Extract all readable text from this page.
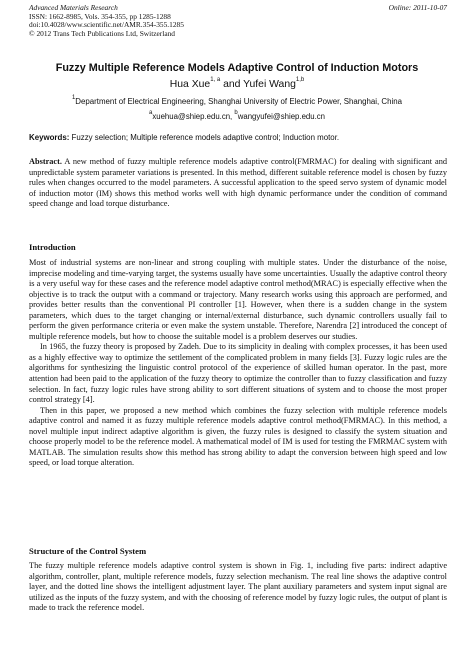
Advanced Materials Research
ISSN: 1662-8985, Vols. 354-355, pp 1285-1288
doi:10.4028/www.scientific.net/AMR.354-355.1285
© 2012 Trans Tech Publications Ltd, Switzerland
Online: 2011-10-07
Fuzzy Multiple Reference Models Adaptive Control of Induction Motors
Hua Xue$^{1, a}$ and Yufei Wang$^{1,b}$
$^1$Department of Electrical Engineering, Shanghai University of Electric Power, Shanghai, China
$^a$xuehua@shiep.edu.cn, $^b$wangyufei@shiep.edu.cn
Keywords: Fuzzy selection; Multiple reference models adaptive control; Induction motor.

Abstract. A new method of fuzzy multiple reference models adaptive control(FMRMAC) for dealing with significant and unpredictable system parameter variations is presented. In this method, different suitable reference model is chosen by fuzzy rules when changes occurred to the model parameters. A successful application to the speed servo system of dynamic model of induction motor (IM) shows this method works well with high dynamic performance under the condition of command speed change and load torque disturbance.

Introduction

Most of industrial systems are non-linear and strong coupling with multiple states. Under the disturbance of the noise, imprecise modeling and time-varying target, the systems usually have some uncertainties. Usually the adaptive control theory is a very useful way for these cases and the reference model adaptive control method(MRAC) is especially effective when the objective is to track the output with a command or trajectory. Many research works using this approach are performed, and provides better results than the conventional PI controller [1]. However, when there is a sudden change in the system parameters, which dues to the target changing or internal/external disturbance, such dynamic controllers usually fail to perform the given performance criteria or even make the system unstable. Therefore, Narendra [2] introduced the concept of multiple reference models, but how to choose the suitable model is a problem deserves our studies.

In 1965, the fuzzy theory is proposed by Zadeh. Due to its simplicity in dealing with complex processes, it has been used as a highly effective way to optimize the settlement of the complicated problem in many fields [3]. Fuzzy logic rules are the algorithms for synthesizing the linguistic control protocol of the experience of skilled human operator. In the past, more attention had been paid to the application of the fuzzy theory to optimize the controller than to fuzzy classification and fuzzy selection. In fact, fuzzy logic rules have strong ability to sort different situations of system and to choose the most proper control strategy [4].

Then in this paper, we proposed a new method which combines the fuzzy selection with multiple reference models adaptive control and named it as fuzzy multiple reference models adaptive control method(FMRMAC). In this method, a novel multiple input indirect adaptive algorithm is given, the fuzzy rules is designed to classify the system situation and choose properly model to be the reference model. A mathematical model of IM is used for testing the FMRMAC system with MATLAB. The simulation results show this method has strong ability to adapt the conversion between high speed and low speed, or load torque alteration.

Structure of the Control System

The fuzzy multiple reference models adaptive control system is shown in Fig. 1, including five parts: indirect adaptive algorithm, controller, plant, multiple reference models, fuzzy selection mechanism. The real line shows the adaptive control layer, and the dotted line shows the intelligent adjustment layer. The plant auxiliary parameters and system input signal are utilized as the inputs of the fuzzy system, and with the choosing of reference model by fuzzy logic rules, the output of plant is made to track the reference model.
